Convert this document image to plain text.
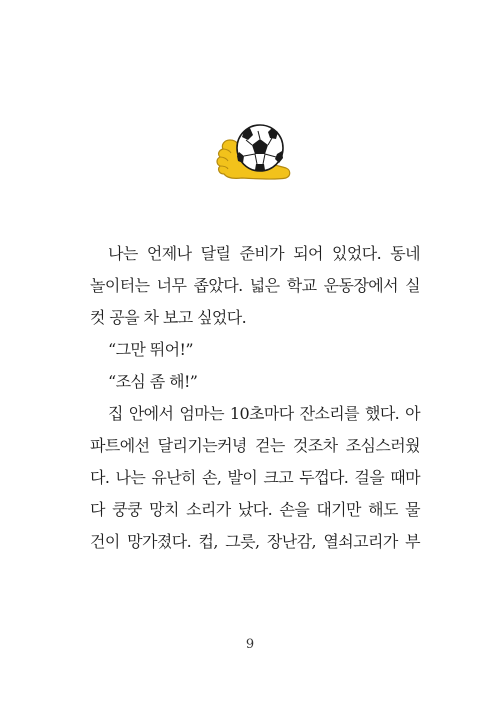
나는 언제나 달릴 준비가 되어 있었다. 동네
놀이터는 너무 좁았다. 넓은 학교 운동장에서 실
컷 공을 차 보고 싶었다.
“그만 뛰어!”
“조심 좀 해!”
집 안에서 엄마는 10초마다 잔소리를 했다. 아
파트에선 달리기는커녕 걷는 것조차 조심스러웠
다. 나는 유난히 손, 발이 크고 두껍다. 걸을 때마
다 쿵쿵 망치 소리가 났다. 손을 대기만 해도 물
건이 망가졌다. 컵, 그릇, 장난감, 열쇠고리가 부
9
